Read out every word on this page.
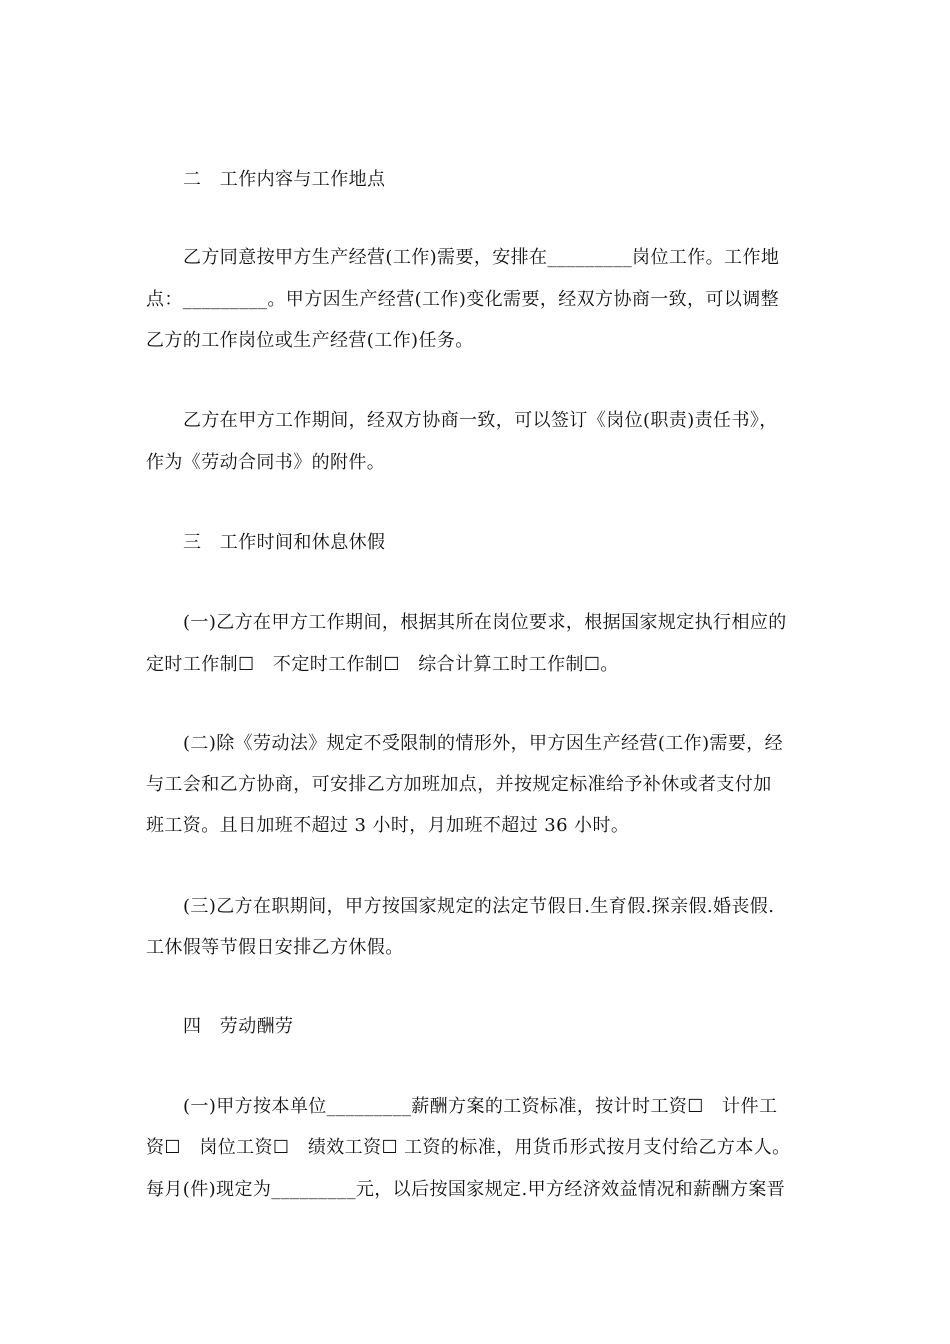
二　工作内容与工作地点
乙方同意按甲方生产经营(工作)需要，安排在_________岗位工作。工作地
点：_________。甲方因生产经营(工作)变化需要，经双方协商一致，可以调整
乙方的工作岗位或生产经营(工作)任务。
乙方在甲方工作期间，经双方协商一致，可以签订《岗位(职责)责任书》，
作为《劳动合同书》的附件。
三　工作时间和休息休假
(一)乙方在甲方工作期间，根据其所在岗位要求，根据国家规定执行相应的
定时工作制☐　不定时工作制☐　综合计算工时工作制☐。
(二)除《劳动法》规定不受限制的情形外，甲方因生产经营(工作)需要，经
与工会和乙方协商，可安排乙方加班加点，并按规定标准给予补休或者支付加
班工资。且日加班不超过 3 小时，月加班不超过 36 小时。
(三)乙方在职期间，甲方按国家规定的法定节假日.生育假.探亲假.婚丧假.
工休假等节假日安排乙方休假。
四　劳动酬劳
(一)甲方按本单位_________薪酬方案的工资标准，按计时工资☐　计件工
资☐　岗位工资☐　绩效工资☐ 工资的标准，用货币形式按月支付给乙方本人。
每月(件)现定为_________元，以后按国家规定.甲方经济效益情况和薪酬方案晋
